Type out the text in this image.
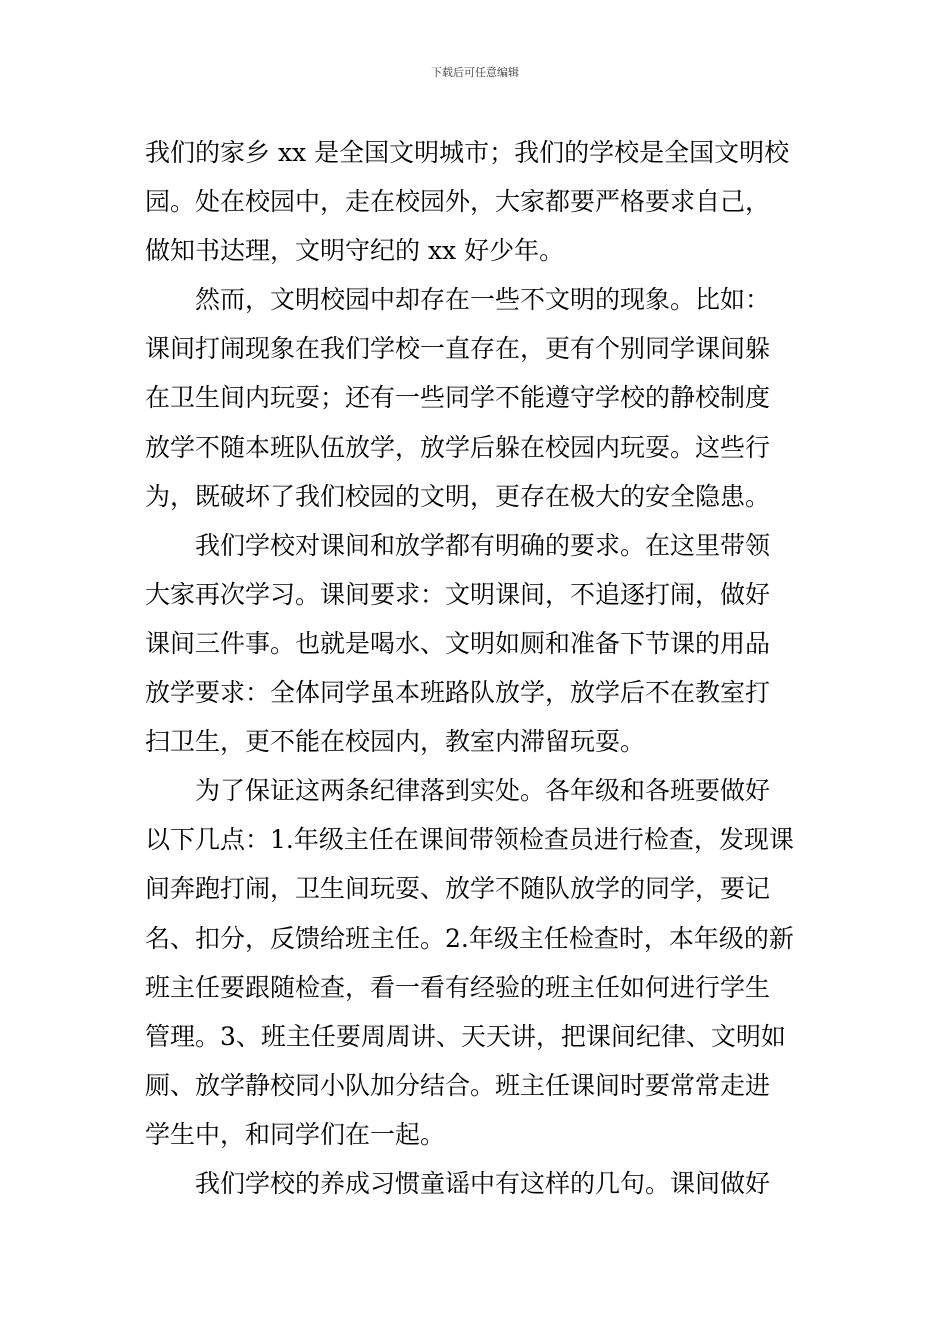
下载后可任意编辑
我们的家乡 xx 是全国文明城市；我们的学校是全国文明校
园。处在校园中，走在校园外，大家都要严格要求自己，
做知书达理，文明守纪的 xx 好少年。
然而，文明校园中却存在一些不文明的现象。比如：
课间打闹现象在我们学校一直存在，更有个别同学课间躲
在卫生间内玩耍；还有一些同学不能遵守学校的静校制度
放学不随本班队伍放学，放学后躲在校园内玩耍。这些行
为，既破坏了我们校园的文明，更存在极大的安全隐患。
我们学校对课间和放学都有明确的要求。在这里带领
大家再次学习。课间要求：文明课间，不追逐打闹，做好
课间三件事。也就是喝水、文明如厕和准备下节课的用品
放学要求：全体同学虽本班路队放学，放学后不在教室打
扫卫生，更不能在校园内，教室内滞留玩耍。
为了保证这两条纪律落到实处。各年级和各班要做好
以下几点：1.年级主任在课间带领检查员进行检查，发现课
间奔跑打闹，卫生间玩耍、放学不随队放学的同学，要记
名、扣分，反馈给班主任。2.年级主任检查时，本年级的新
班主任要跟随检查，看一看有经验的班主任如何进行学生
管理。3、班主任要周周讲、天天讲，把课间纪律、文明如
厕、放学静校同小队加分结合。班主任课间时要常常走进
学生中，和同学们在一起。
我们学校的养成习惯童谣中有这样的几句。课间做好
